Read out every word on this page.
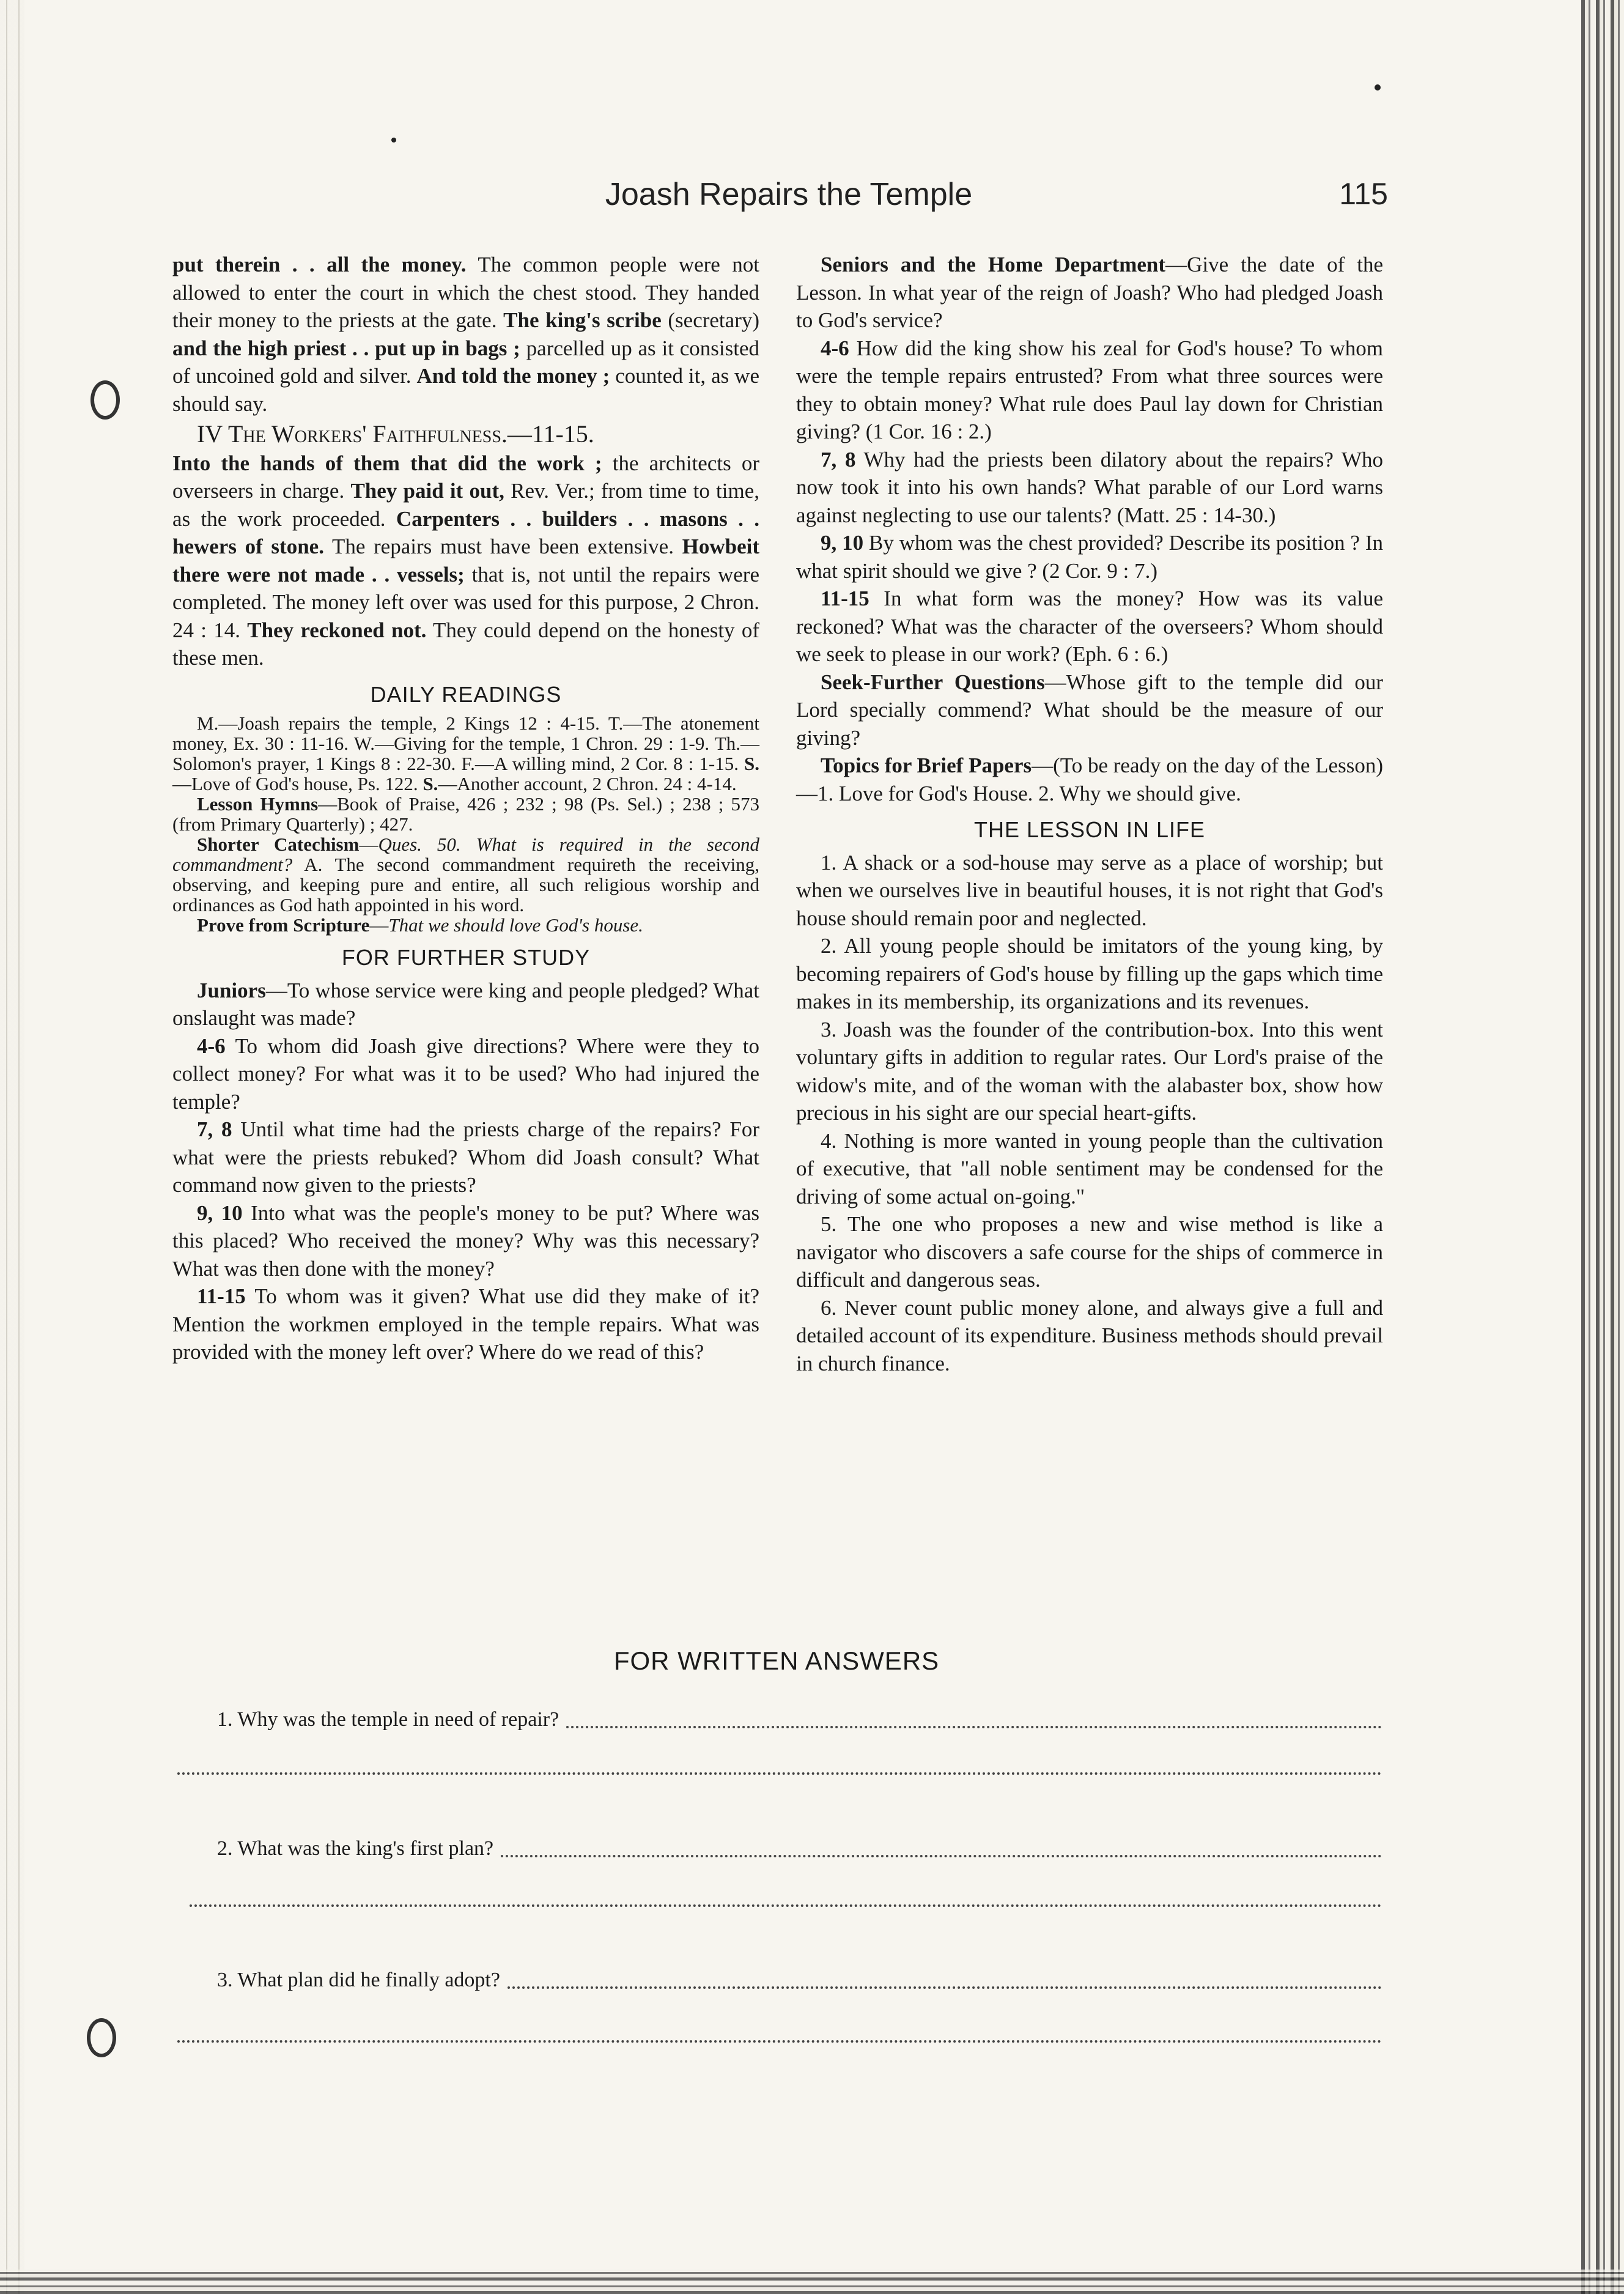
Joash Repairs the Temple	115

put therein . . all the money. The common people were not allowed to enter the court in which the chest stood. They handed their money to the priests at the gate. The king's scribe (secretary) and the high priest . . put up in bags ; parcelled up as it consisted of uncoined gold and silver. And told the money ; counted it, as we should say.

IV The Workers' Faithfulness.—11-15.

Into the hands of them that did the work ; the architects or overseers in charge. They paid it out, Rev. Ver.; from time to time, as the work proceeded. Carpenters . . builders . . masons . . hewers of stone. The repairs must have been extensive. Howbeit there were not made . . vessels; that is, not until the repairs were completed. The money left over was used for this purpose, 2 Chron. 24 : 14. They reckoned not. They could depend on the honesty of these men.

DAILY READINGS

M.—Joash repairs the temple, 2 Kings 12 : 4-15. T.—The atonement money, Ex. 30 : 11-16. W.—Giving for the temple, 1 Chron. 29 : 1-9. Th.—Solomon's prayer, 1 Kings 8 : 22-30. F.—A willing mind, 2 Cor. 8 : 1-15. S.—Love of God's house, Ps. 122. S.—Another account, 2 Chron. 24 : 4-14.

Lesson Hymns—Book of Praise, 426 ; 232 ; 98 (Ps. Sel.) ; 238 ; 573 (from Primary Quarterly) ; 427.

Shorter Catechism—Ques. 50. What is required in the second commandment? A. The second commandment requireth the receiving, observing, and keeping pure and entire, all such religious worship and ordinances as God hath appointed in his word.

Prove from Scripture—That we should love God's house.

FOR FURTHER STUDY

Juniors—To whose service were king and people pledged? What onslaught was made?

4-6 To whom did Joash give directions? Where were they to collect money? For what was it to be used? Who had injured the temple?

7, 8 Until what time had the priests charge of the repairs? For what were the priests rebuked? Whom did Joash consult? What command now given to the priests?

9, 10 Into what was the people's money to be put? Where was this placed? Who received the money? Why was this necessary? What was then done with the money?

11-15 To whom was it given? What use did they make of it? Mention the workmen employed in the temple repairs. What was provided with the money left over? Where do we read of this?

Seniors and the Home Department—Give the date of the Lesson. In what year of the reign of Joash? Who had pledged Joash to God's service?

4-6 How did the king show his zeal for God's house? To whom were the temple repairs entrusted? From what three sources were they to obtain money? What rule does Paul lay down for Christian giving? (1 Cor. 16 : 2.)

7, 8 Why had the priests been dilatory about the repairs? Who now took it into his own hands? What parable of our Lord warns against neglecting to use our talents? (Matt. 25 : 14-30.)

9, 10 By whom was the chest provided? Describe its position ? In what spirit should we give ? (2 Cor. 9 : 7.)

11-15 In what form was the money? How was its value reckoned? What was the character of the overseers? Whom should we seek to please in our work? (Eph. 6 : 6.)

Seek-Further Questions—Whose gift to the temple did our Lord specially commend? What should be the measure of our giving?

Topics for Brief Papers—(To be ready on the day of the Lesson)—1. Love for God's House. 2. Why we should give.

THE LESSON IN LIFE

1. A shack or a sod-house may serve as a place of worship; but when we ourselves live in beautiful houses, it is not right that God's house should remain poor and neglected.

2. All young people should be imitators of the young king, by becoming repairers of God's house by filling up the gaps which time makes in its membership, its organizations and its revenues.

3. Joash was the founder of the contribution-box. Into this went voluntary gifts in addition to regular rates. Our Lord's praise of the widow's mite, and of the woman with the alabaster box, show how precious in his sight are our special heart-gifts.

4. Nothing is more wanted in young people than the cultivation of executive, that "all noble sentiment may be condensed for the driving of some actual on-going."

5. The one who proposes a new and wise method is like a navigator who discovers a safe course for the ships of commerce in difficult and dangerous seas.

6. Never count public money alone, and always give a full and detailed account of its expenditure. Business methods should prevail in church finance.

FOR WRITTEN ANSWERS
1. Why was the temple in need of repair?
2. What was the king's first plan?
3. What plan did he finally adopt?
